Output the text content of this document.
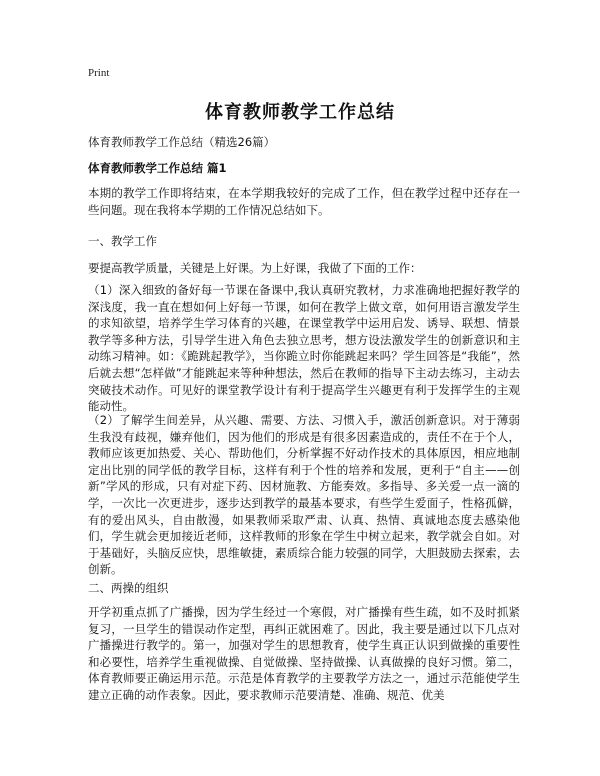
Print
体育教师教学工作总结
体育教师教学工作总结（精选26篇）
体育教师教学工作总结 篇1

本期的教学工作即将结束，在本学期我较好的完成了工作，但在教学过程中还存在一些问题。现在我将本学期的工作情况总结如下。

一、教学工作

要提高教学质量，关键是上好课。为上好课，我做了下面的工作：

（1）深入细致的备好每一节课在备课中,我认真研究教材，力求准确地把握好教学的深浅度，我一直在想如何上好每一节课，如何在教学上做文章，如何用语言激发学生的求知欲望，培养学生学习体育的兴趣，在课堂教学中运用启发、诱导、联想、情景教学等多种方法，引导学生进入角色去独立思考，想方设法激发学生的创新意识和主动练习精神。如：《跪跳起教学》，当你跪立时你能跳起来吗？学生回答是“我能”，然后就去想“怎样做”才能跳起来等种种想法，然后在教师的指导下主动去练习，主动去突破技术动作。可见好的课堂教学设计有利于提高学生兴趣更有利于发挥学生的主观能动性。

（2）了解学生间差异，从兴趣、需要、方法、习惯入手，激活创新意识。对于薄弱生我没有歧视，嫌弃他们，因为他们的形成是有很多因素造成的，责任不在于个人，教师应该更加热爱、关心、帮助他们，分析掌握不好动作技术的具体原因，相应地制定出比别的同学低的教学目标，这样有利于个性的培养和发展，更利于“自主——创新”学风的形成，只有对症下药、因材施教、方能奏效。多指导、多关爱一点一滴的学，一次比一次更进步，逐步达到教学的最基本要求，有些学生爱面子，性格孤僻，有的爱出风头，自由散漫，如果教师采取严肃、认真、热情、真诚地态度去感染他们，学生就会更加接近老师，这样教师的形象在学生中树立起来，教学就会自如。对于基础好，头脑反应快，思维敏捷，素质综合能力较强的同学，大胆鼓励去探索，去创新。

二、两操的组织

开学初重点抓了广播操，因为学生经过一个寒假，对广播操有些生疏，如不及时抓紧复习，一旦学生的错误动作定型，再纠正就困难了。因此，我主要是通过以下几点对广播操进行教学的。第一，加强对学生的思想教育，使学生真正认识到做操的重要性和必要性，培养学生重视做操、自觉做操、坚持做操、认真做操的良好习惯。第二，体育教师要正确运用示范。示范是体育教学的主要教学方法之一，通过示范能使学生建立正确的动作表象。因此，要求教师示范要清楚、准确、规范、优美
